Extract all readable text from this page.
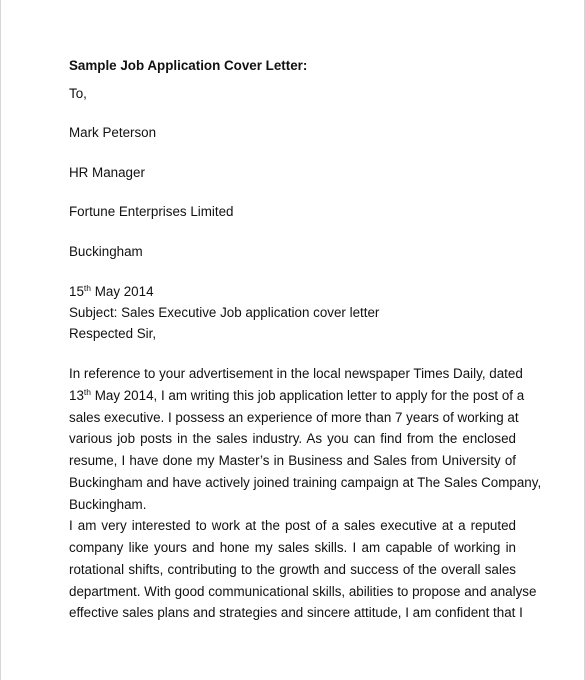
Sample Job Application Cover Letter:
To,
Mark Peterson
HR Manager
Fortune Enterprises Limited
Buckingham
15th May 2014
Subject: Sales Executive Job application cover letter
Respected Sir,
In reference to your advertisement in the local newspaper Times Daily, dated
13th May 2014, I am writing this job application letter to apply for the post of a
sales executive. I possess an experience of more than 7 years of working at
various job posts in the sales industry. As you can find from the enclosed
resume, I have done my Master’s in Business and Sales from University of
Buckingham and have actively joined training campaign at The Sales Company,
Buckingham.
I am very interested to work at the post of a sales executive at a reputed
company like yours and hone my sales skills. I am capable of working in
rotational shifts, contributing to the growth and success of the overall sales
department. With good communicational skills, abilities to propose and analyse
effective sales plans and strategies and sincere attitude, I am confident that I
